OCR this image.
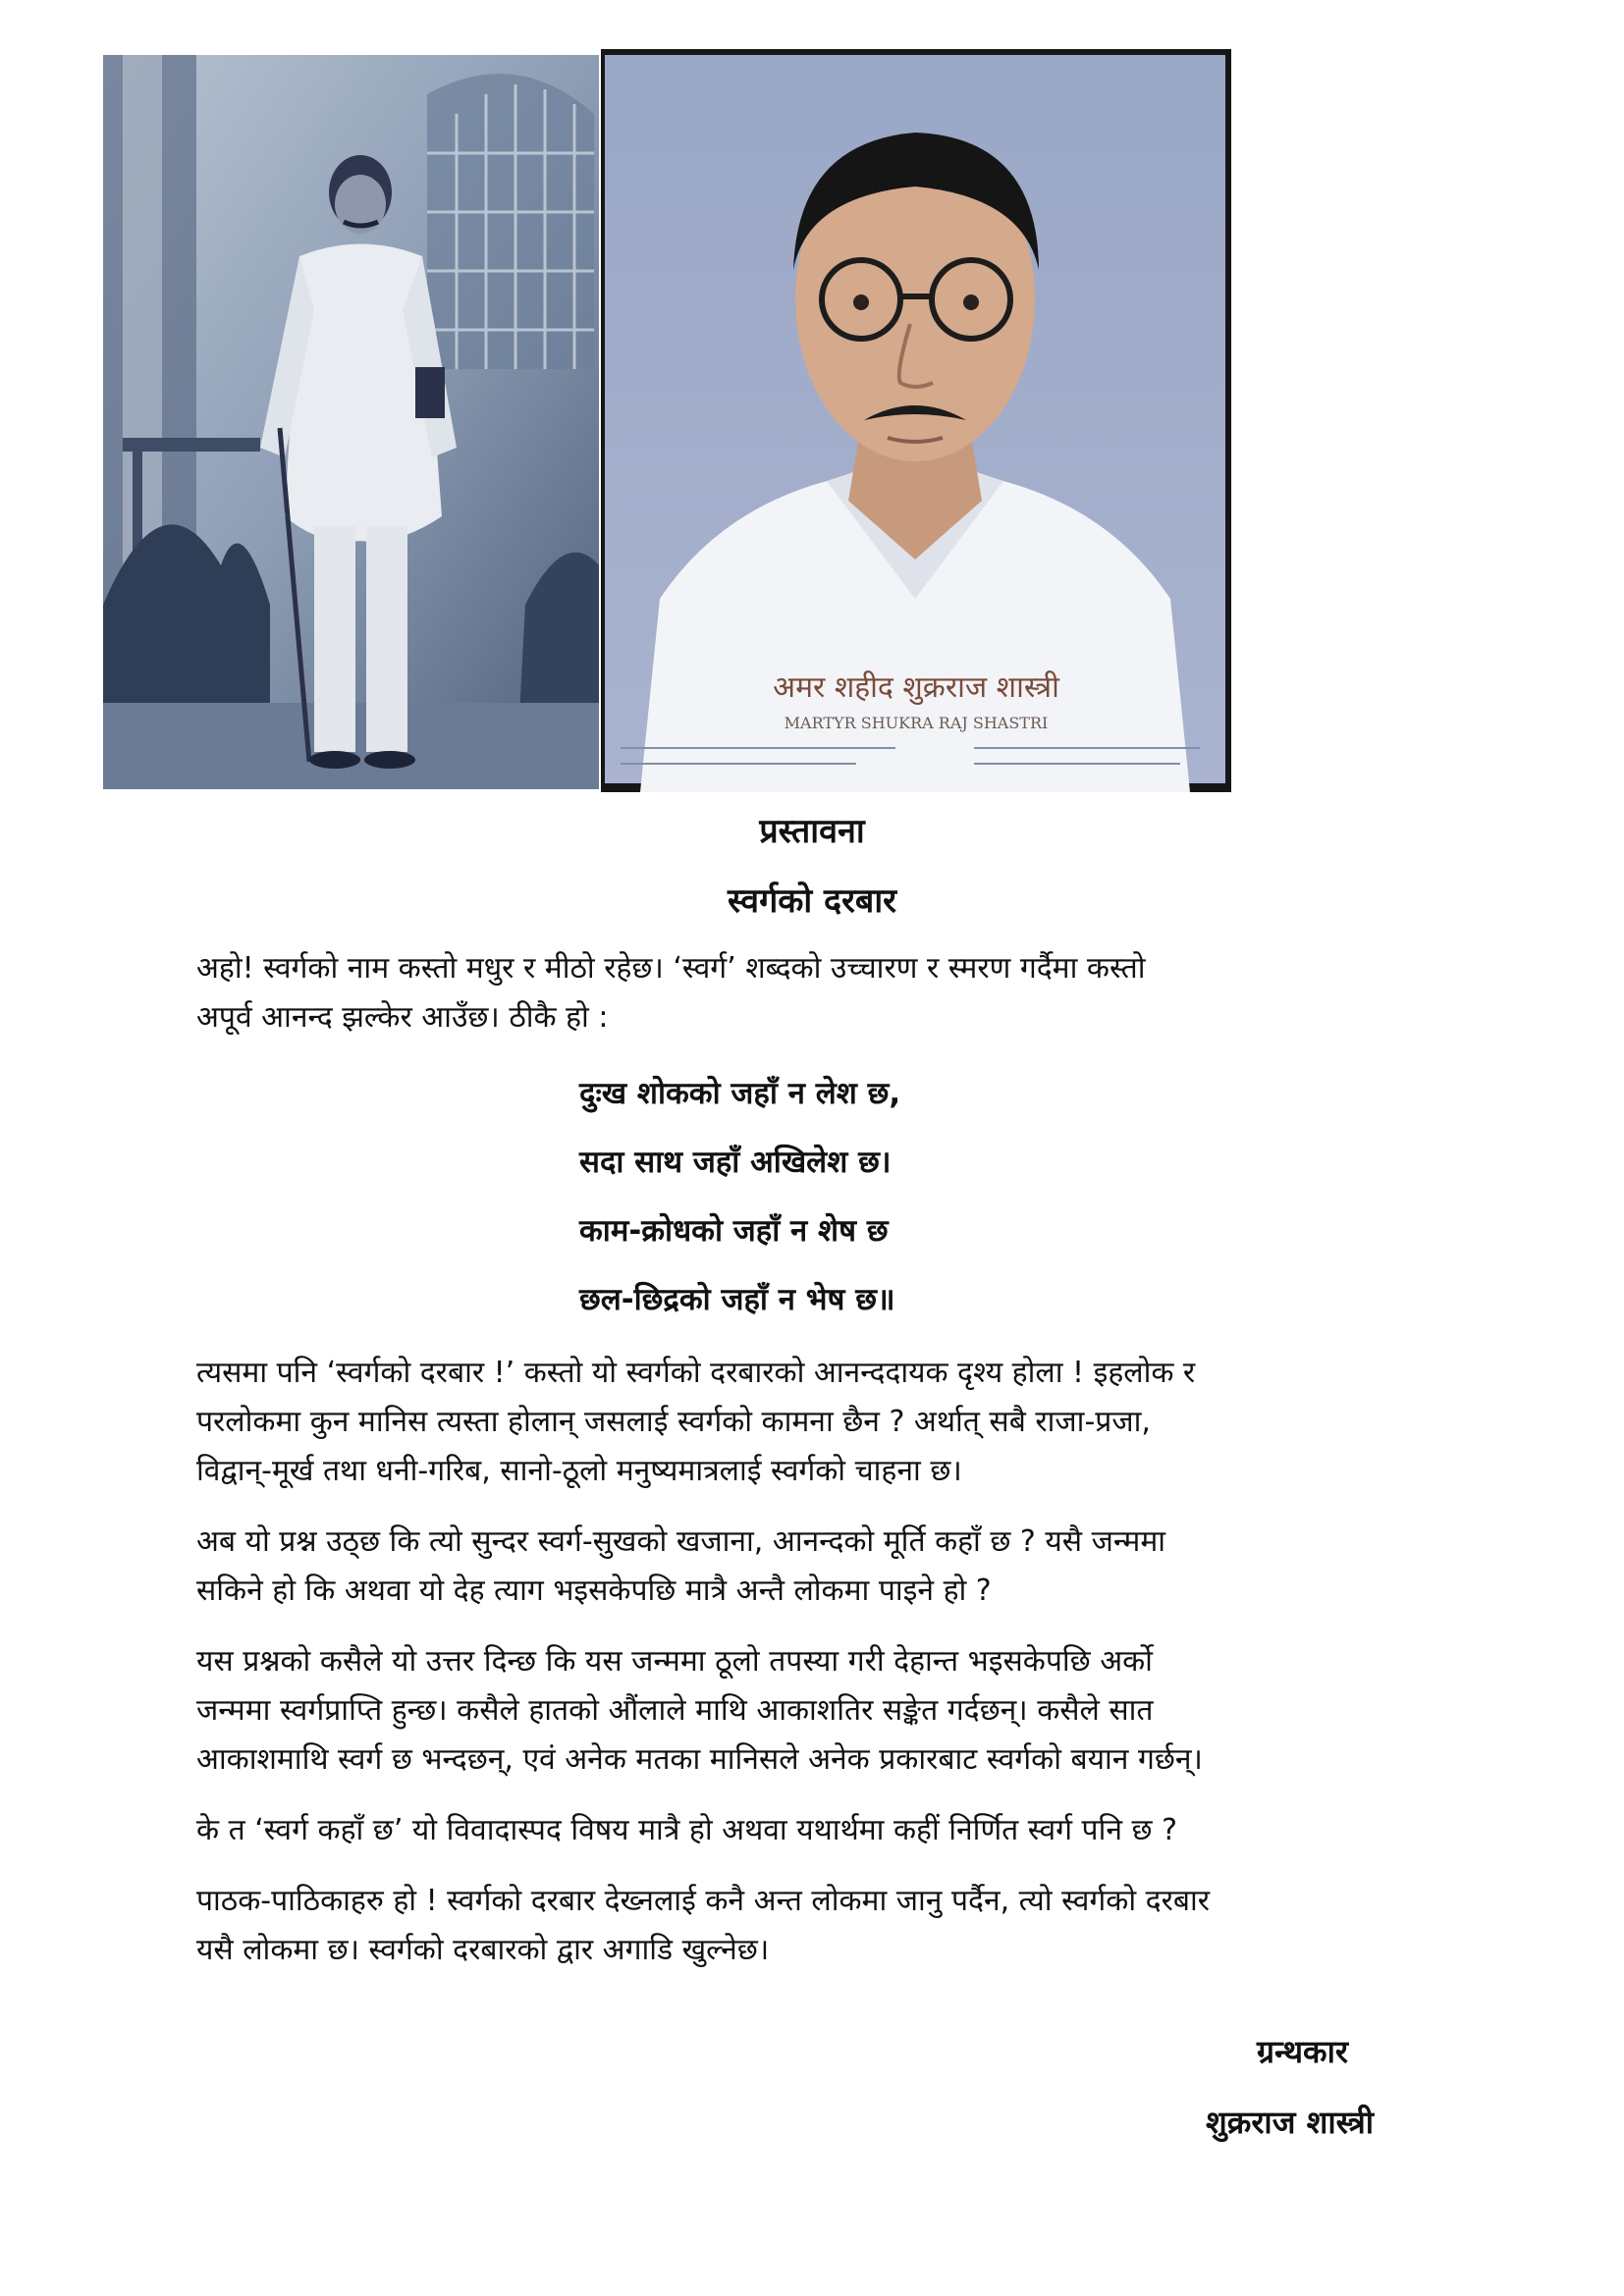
अमर शहीद शुक्रराज शास्त्री
MARTYR SHUKRA RAJ SHASTRI
प्रस्तावना
स्वर्गको दरबार

अहो! स्वर्गको नाम कस्तो मधुर र मीठो रहेछ। ‘स्वर्ग’ शब्दको उच्चारण र स्मरण गर्दैमा कस्तो
अपूर्व आनन्द झल्केर आउँछ। ठीकै हो :

दुःख शोकको जहाँ न लेश छ,
सदा साथ जहाँ अखिलेश छ।
काम-क्रोधको जहाँ न शेष छ
छल-छिद्रको जहाँ न भेष छ॥

त्यसमा पनि ‘स्वर्गको दरबार !’ कस्तो यो स्वर्गको दरबारको आनन्ददायक दृश्य होला ! इहलोक र
परलोकमा कुन मानिस त्यस्ता होलान् जसलाई स्वर्गको कामना छैन ? अर्थात् सबै राजा-प्रजा,
विद्वान्-मूर्ख तथा धनी-गरिब, सानो-ठूलो मनुष्यमात्रलाई स्वर्गको चाहना छ।

अब यो प्रश्न उठ्छ कि त्यो सुन्दर स्वर्ग-सुखको खजाना, आनन्दको मूर्ति कहाँ छ ? यसै जन्ममा
सकिने हो कि अथवा यो देह त्याग भइसकेपछि मात्रै अन्तै लोकमा पाइने हो ?

यस प्रश्नको कसैले यो उत्तर दिन्छ कि यस जन्ममा ठूलो तपस्या गरी देहान्त भइसकेपछि अर्को
जन्ममा स्वर्गप्राप्ति हुन्छ। कसैले हातको औंलाले माथि आकाशतिर सङ्केत गर्दछन्। कसैले सात
आकाशमाथि स्वर्ग छ भन्दछन्, एवं अनेक मतका मानिसले अनेक प्रकारबाट स्वर्गको बयान गर्छन्।

के त ‘स्वर्ग कहाँ छ’ यो विवादास्पद विषय मात्रै हो अथवा यथार्थमा कहीं निर्णित स्वर्ग पनि छ ?

पाठक-पाठिकाहरु हो ! स्वर्गको दरबार देख्नलाई कनै अन्त लोकमा जानु पर्दैन, त्यो स्वर्गको दरबार
यसै लोकमा छ। स्वर्गको दरबारको द्वार अगाडि खुल्नेछ।

ग्रन्थकार
शुक्रराज शास्त्री
